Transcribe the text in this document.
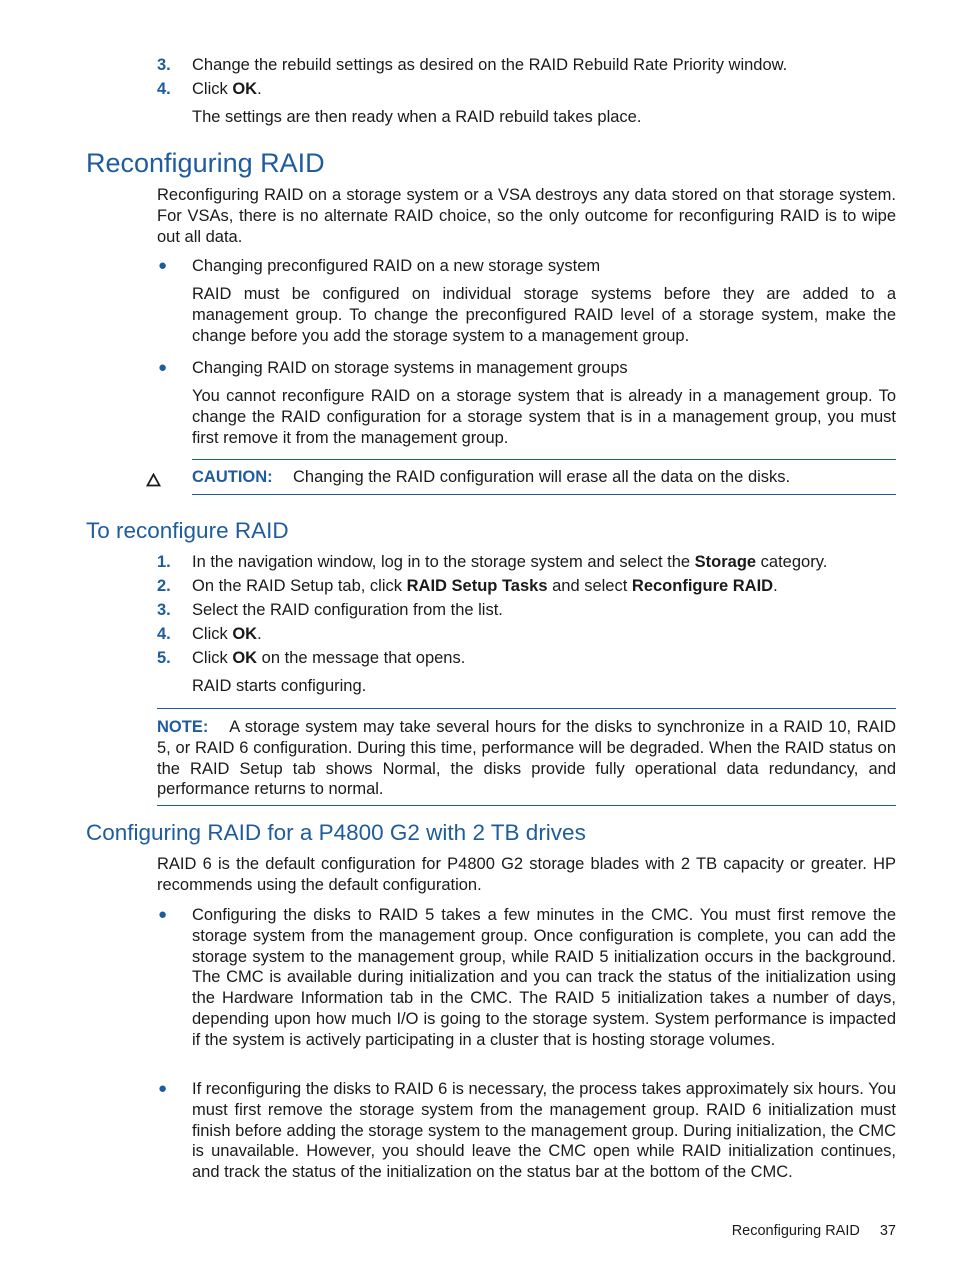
3.	Change the rebuild settings as desired on the RAID Rebuild Rate Priority window.
4.	Click OK.
The settings are then ready when a RAID rebuild takes place.
Reconfiguring RAID
Reconfiguring RAID on a storage system or a VSA destroys any data stored on that storage system. For VSAs, there is no alternate RAID choice, so the only outcome for reconfiguring RAID is to wipe out all data.
● Changing preconfigured RAID on a new storage system
RAID must be configured on individual storage systems before they are added to a management group. To change the preconfigured RAID level of a storage system, make the change before you add the storage system to a management group.
● Changing RAID on storage systems in management groups
You cannot reconfigure RAID on a storage system that is already in a management group. To change the RAID configuration for a storage system that is in a management group, you must first remove it from the management group.
CAUTION: Changing the RAID configuration will erase all the data on the disks.
To reconfigure RAID
1.	In the navigation window, log in to the storage system and select the Storage category.
2.	On the RAID Setup tab, click RAID Setup Tasks and select Reconfigure RAID.
3.	Select the RAID configuration from the list.
4.	Click OK.
5.	Click OK on the message that opens.
RAID starts configuring.
NOTE: A storage system may take several hours for the disks to synchronize in a RAID 10, RAID 5, or RAID 6 configuration. During this time, performance will be degraded. When the RAID status on the RAID Setup tab shows Normal, the disks provide fully operational data redundancy, and performance returns to normal.
Configuring RAID for a P4800 G2 with 2 TB drives
RAID 6 is the default configuration for P4800 G2 storage blades with 2 TB capacity or greater. HP recommends using the default configuration.
● Configuring the disks to RAID 5 takes a few minutes in the CMC. You must first remove the storage system from the management group. Once configuration is complete, you can add the storage system to the management group, while RAID 5 initialization occurs in the background. The CMC is available during initialization and you can track the status of the initialization using the Hardware Information tab in the CMC. The RAID 5 initialization takes a number of days, depending upon how much I/O is going to the storage system. System performance is impacted if the system is actively participating in a cluster that is hosting storage volumes.
● If reconfiguring the disks to RAID 6 is necessary, the process takes approximately six hours. You must first remove the storage system from the management group. RAID 6 initialization must finish before adding the storage system to the management group. During initialization, the CMC is unavailable. However, you should leave the CMC open while RAID initialization continues, and track the status of the initialization on the status bar at the bottom of the CMC.
Reconfiguring RAID 37
